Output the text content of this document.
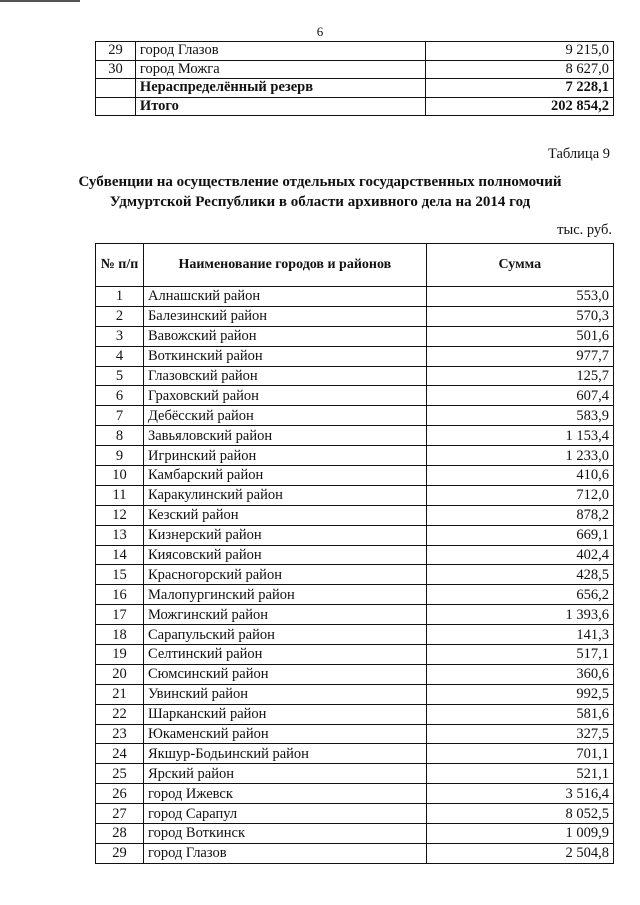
6
29	город Глазов	9 215,0
30	город Можга	8 627,0
	Нераспределённый резерв	7 228,1
	Итого	202 854,2
Таблица 9
Субвенции на осуществление отдельных государственных полномочий
Удмуртской Республики в области архивного дела на 2014 год
тыс. руб.
№ п/п	Наименование городов и районов	Сумма
1	Алнашский район	553,0
2	Балезинский район	570,3
3	Вавожский район	501,6
4	Воткинский район	977,7
5	Глазовский район	125,7
6	Граховский район	607,4
7	Дебёсский район	583,9
8	Завьяловский район	1 153,4
9	Игринский район	1 233,0
10	Камбарский район	410,6
11	Каракулинский район	712,0
12	Кезский район	878,2
13	Кизнерский район	669,1
14	Киясовский район	402,4
15	Красногорский район	428,5
16	Малопургинский район	656,2
17	Можгинский район	1 393,6
18	Сарапульский район	141,3
19	Селтинский район	517,1
20	Сюмсинский район	360,6
21	Увинский район	992,5
22	Шарканский район	581,6
23	Юкаменский район	327,5
24	Якшур-Бодьинский район	701,1
25	Ярский район	521,1
26	город Ижевск	3 516,4
27	город Сарапул	8 052,5
28	город Воткинск	1 009,9
29	город Глазов	2 504,8
